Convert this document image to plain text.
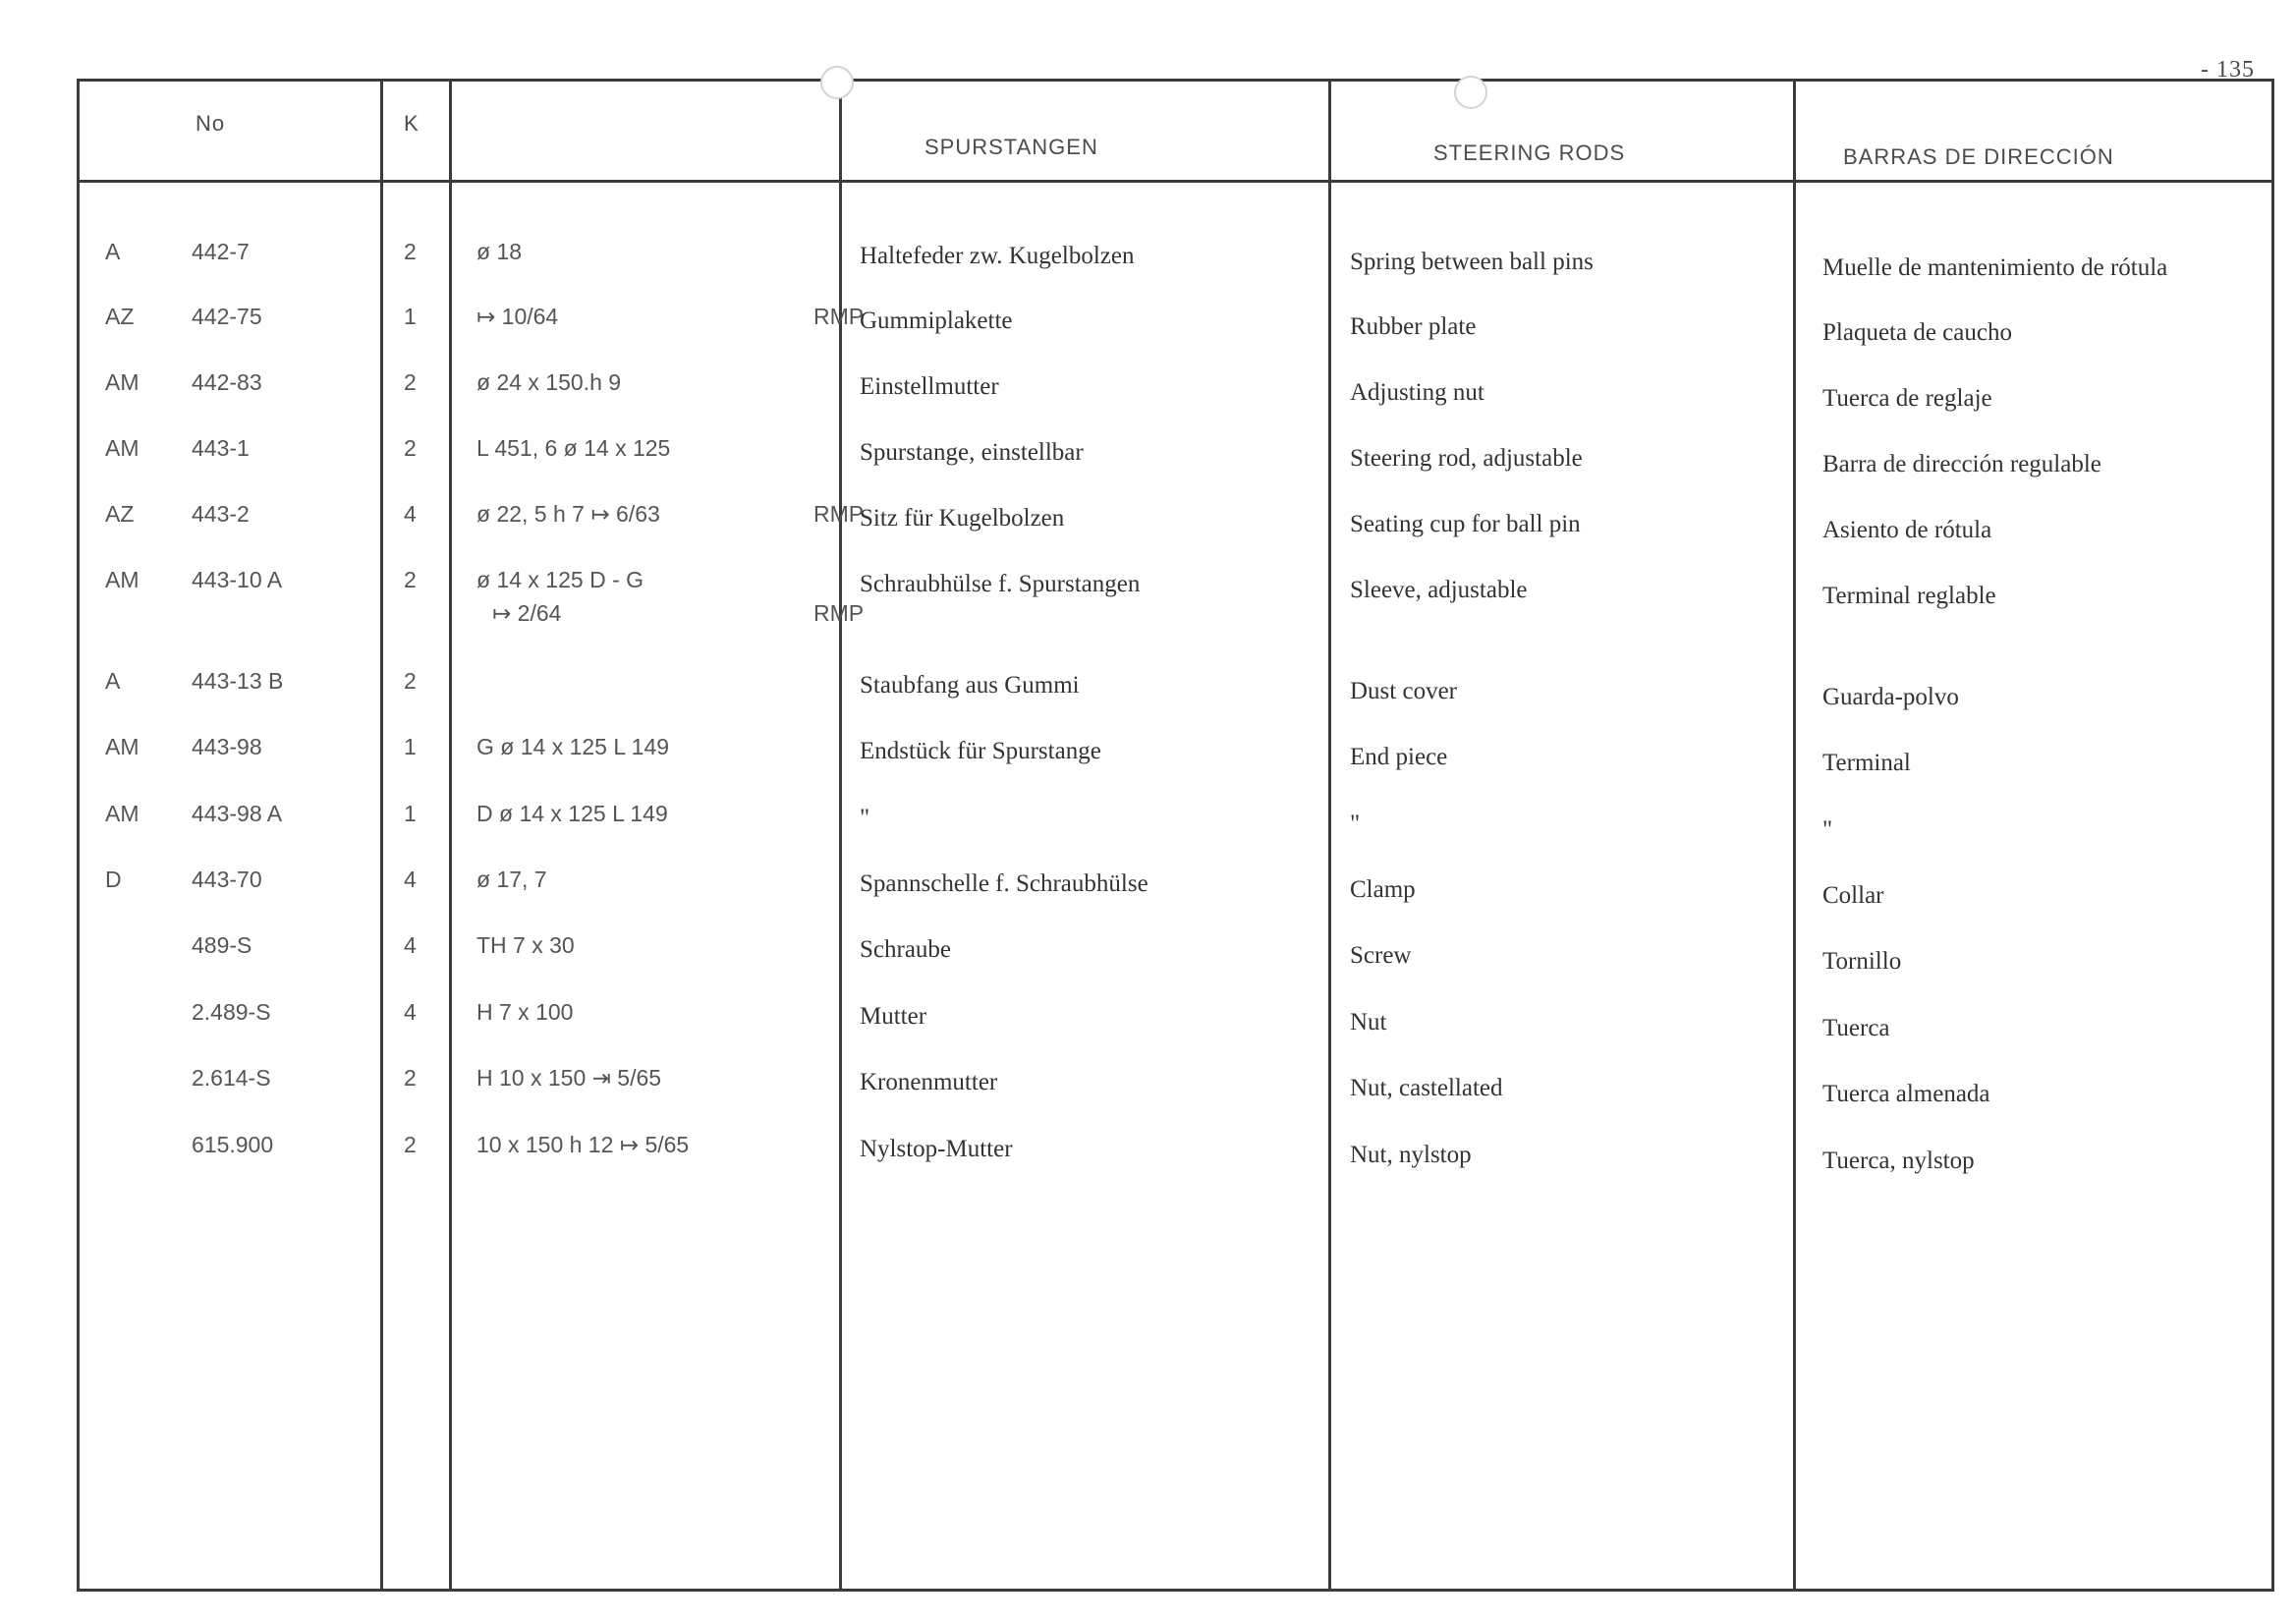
- 135
No	K
SPURSTANGEN	STEERING RODS	BARRAS DE DIRECCIÓN
A	442-7	2	ø 18	Haltefeder zw. Kugelbolzen	Spring between ball pins	Muelle de mantenimiento de rótula
AZ	442-75	1	↦ 10/64	Gummiplakette	Rubber plate	Plaqueta de caucho
RMP
AM 442-83	2	ø 24 x 150.h 9	Einstellmutter	Adjusting nut	Tuerca de reglaje
AM 443-1	2	L 451, 6 ø 14 x 125	Spurstange, einstellbar	Steering rod, adjustable	Barra de dirección regulable
AZ	443-2	4	ø 22, 5 h 7 ↦ 6/63	Sitz für Kugelbolzen	Seating cup for ball pin	Asiento de rótula
RMP
AM 443-10 A	2	ø 14 x 125 D - G	Schraubhülse f. Spurstangen	Sleeve, adjustable	Terminal reglable
↦ 2/64	RMP
A	443-13 B	2	Staubfang aus Gummi	Dust cover	Guarda-polvo
AM 443-98	1	G ø 14 x 125 L 149	Endstück für Spurstange	End piece	Terminal
AM 443-98 A	1	D ø 14 x 125 L 149	"	"	"
D	443-70	4	ø 17, 7	Spannschelle f. Schraubhülse	Clamp	Collar
489-S	4	TH 7 x 30	Schraube	Screw	Tornillo
2.489-S	4	H 7 x 100	Mutter	Nut	Tuerca
2.614-S	2	H 10 x 150 ⇥ 5/65	Kronenmutter	Nut, castellated	Tuerca almenada
615.900	2	10 x 150 h 12 ↦ 5/65	Nylstop-Mutter	Nut, nylstop	Tuerca, nylstop
